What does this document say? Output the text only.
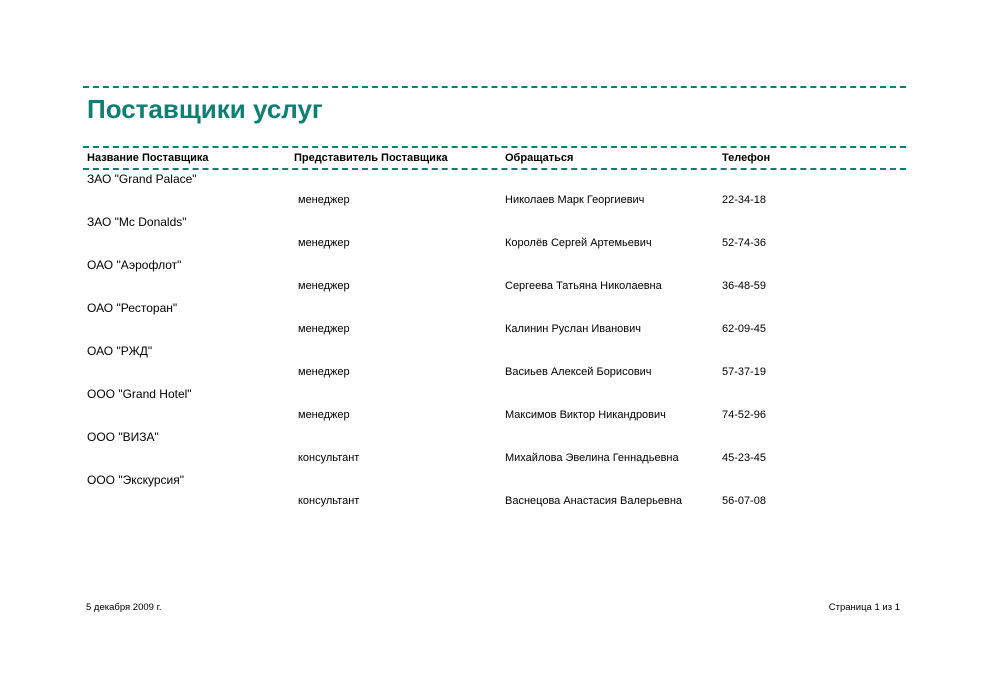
Поставщики услуг
Название Поставщика	Представитель Поставщика	Обращаться	Телефон
ЗАО "Grand Palace"
менеджер	Николаев Марк Георгиевич	22-34-18
ЗАО "Mc Donalds"
менеджер	Королёв Сергей Артемьевич	52-74-36
ОАО "Аэрофлот"
менеджер	Сергеева Татьяна Николаевна	36-48-59
ОАО "Ресторан"
менеджер	Калинин Руслан Иванович	62-09-45
ОАО "РЖД"
менеджер	Васиьев Алексей Борисович	57-37-19
ООО "Grand Hotel"
менеджер	Максимов Виктор Никандрович	74-52-96
ООО "ВИЗА"
консультант	Михайлова Эвелина Геннадьевна	45-23-45
ООО "Экскурсия"
консультант	Васнецова Анастасия Валерьевна	56-07-08
5 декабря 2009 г.	Страница 1 из 1
